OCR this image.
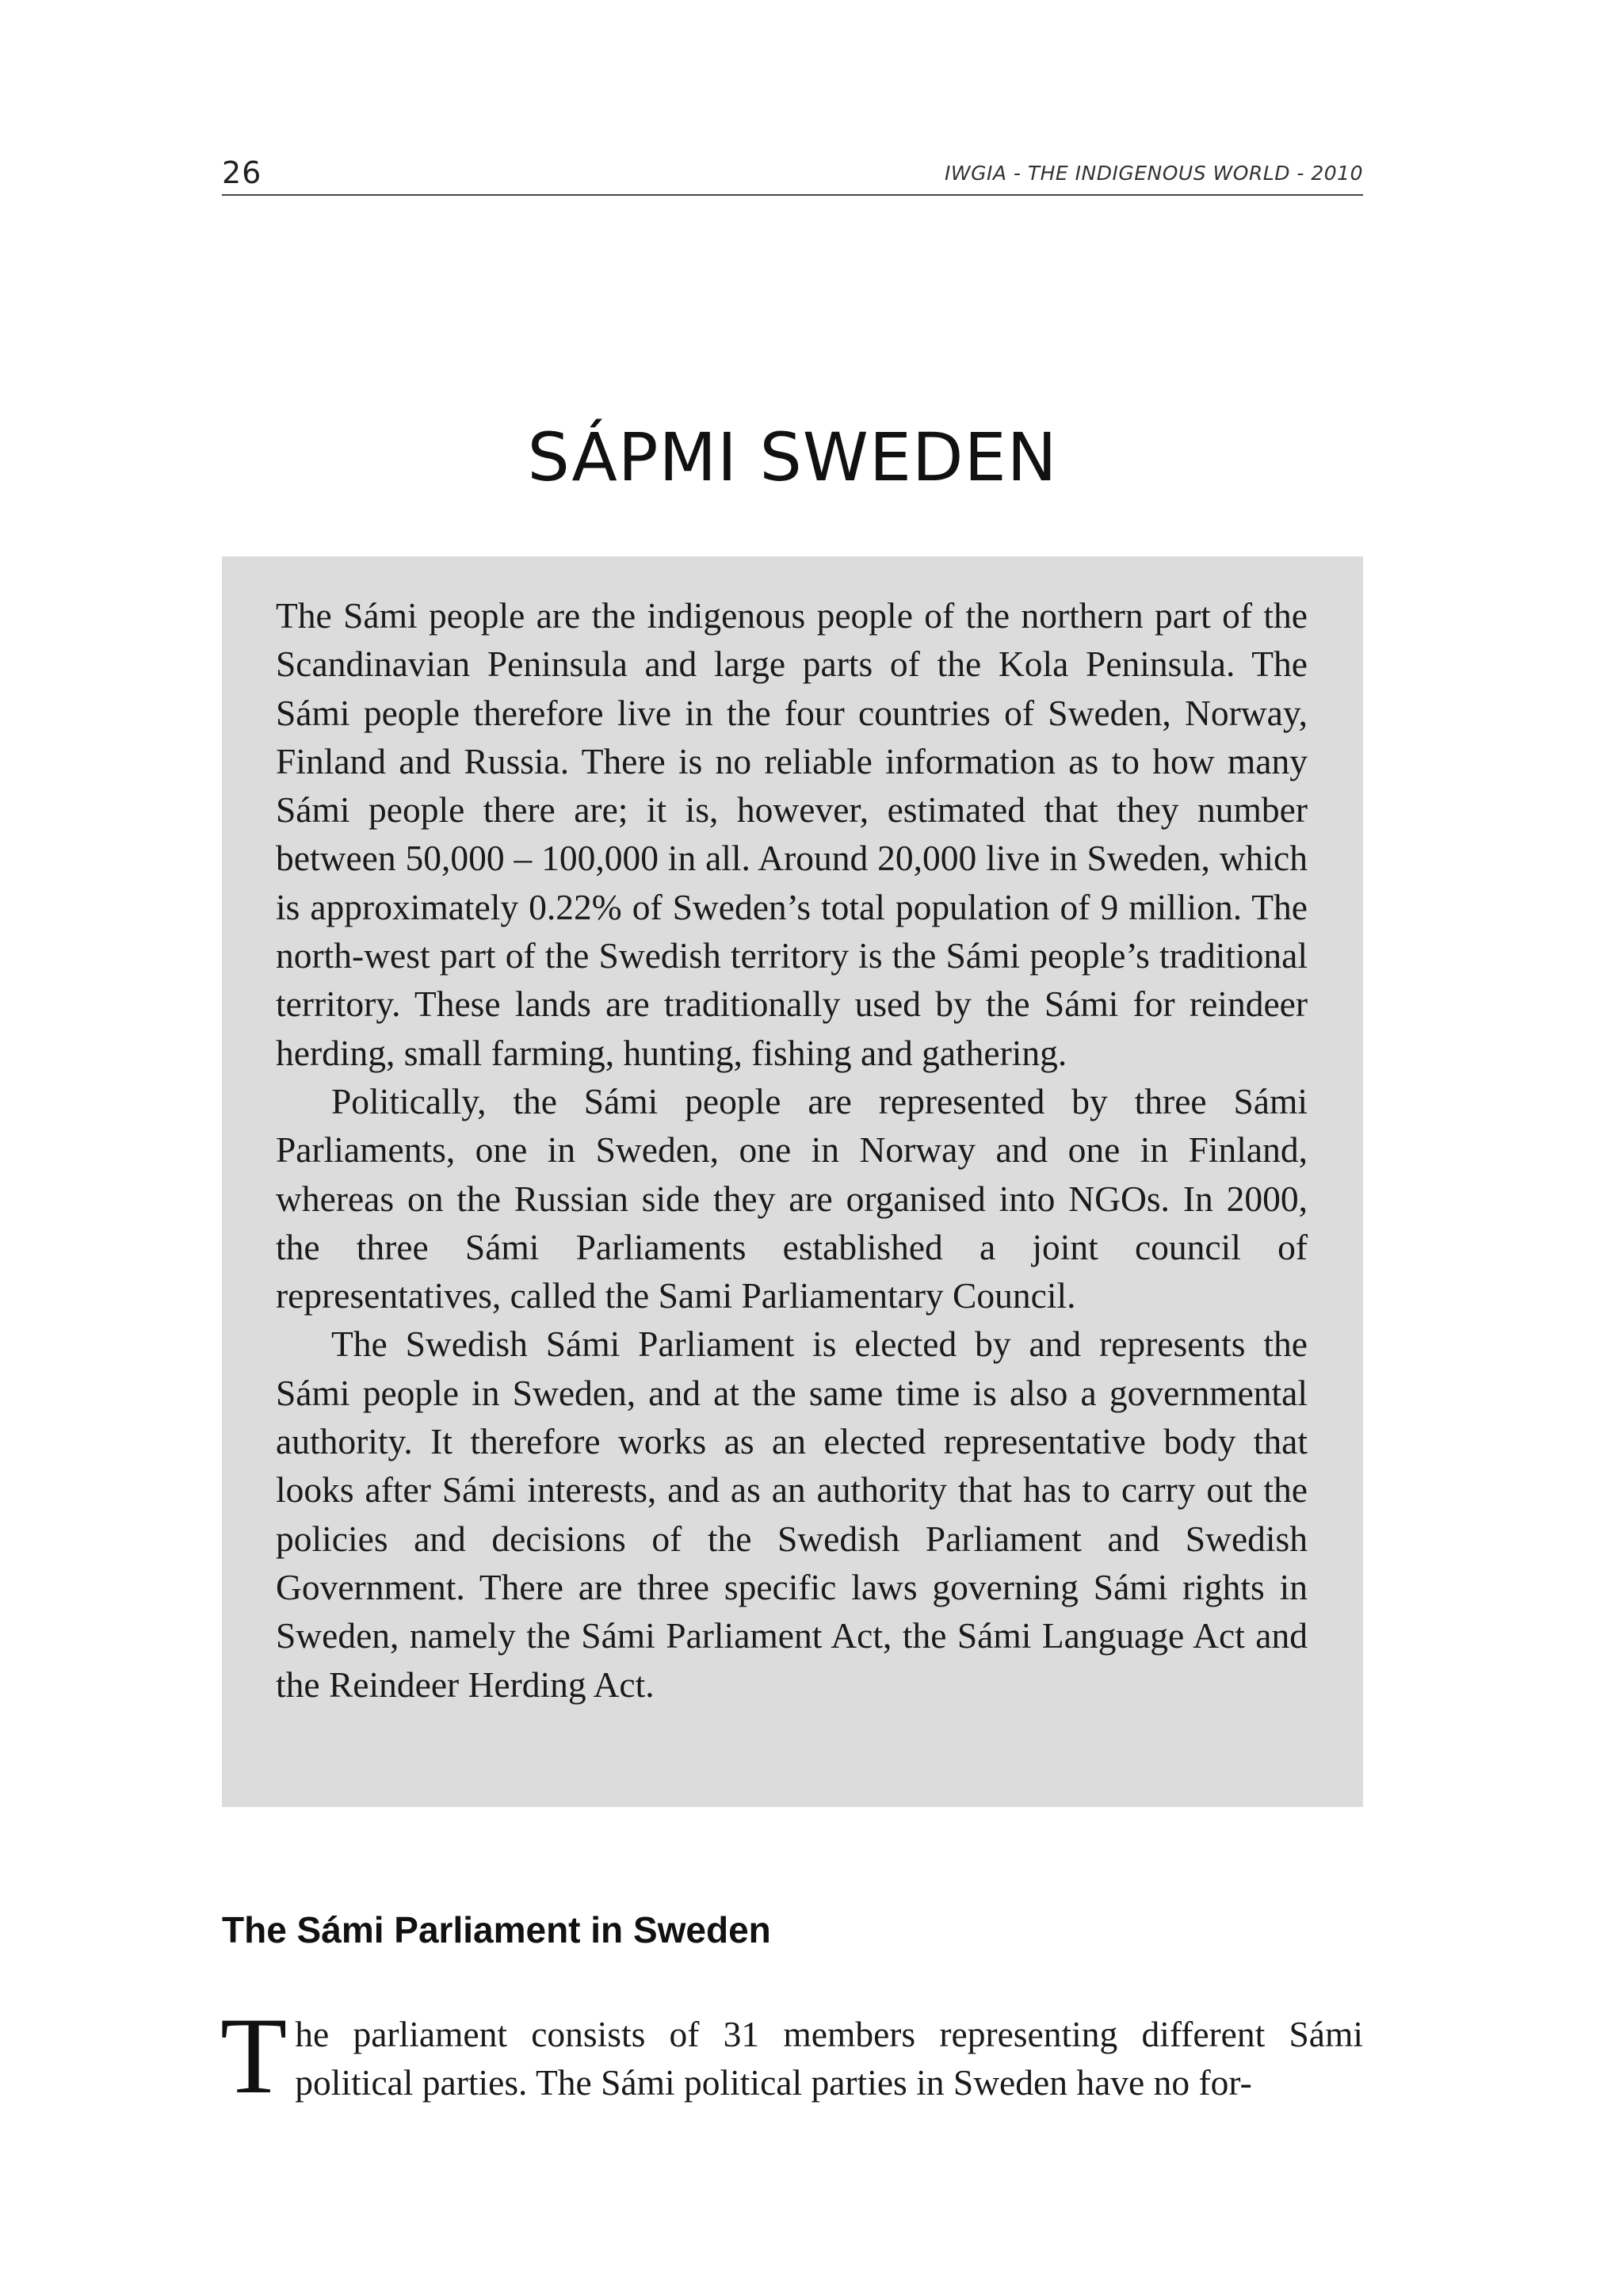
26	IWGIA - THE INDIGENOUS WORLD - 2010
SÁPMI SWEDEN

The Sámi people are the indigenous people of the northern part of the Scandinavian Peninsula and large parts of the Kola Peninsula. The Sámi people therefore live in the four countries of Sweden, Norway, Finland and Russia. There is no reliable information as to how many Sámi people there are; it is, however, estimated that they number between 50,000 – 100,000 in all. Around 20,000 live in Sweden, which is approximately 0.22% of Sweden’s total population of 9 million. The north-west part of the Swedish territory is the Sámi people’s traditional territory. These lands are traditionally used by the Sámi for reindeer herding, small farming, hunting, fishing and gathering.

Politically, the Sámi people are represented by three Sámi Parliaments, one in Sweden, one in Norway and one in Finland, whereas on the Russian side they are organised into NGOs. In 2000, the three Sámi Parliaments established a joint council of representatives, called the Sami Parliamentary Council.

The Swedish Sámi Parliament is elected by and represents the Sámi people in Sweden, and at the same time is also a governmental authority. It therefore works as an elected representative body that looks after Sámi interests, and as an authority that has to carry out the policies and decisions of the Swedish Parliament and Swedish Government. There are three specific laws governing Sámi rights in Sweden, namely the Sámi Parliament Act, the Sámi Language Act and the Reindeer Herding Act.

The Sámi Parliament in Sweden

The parliament consists of 31 members representing different Sámi political parties. The Sámi political parties in Sweden have no for-
